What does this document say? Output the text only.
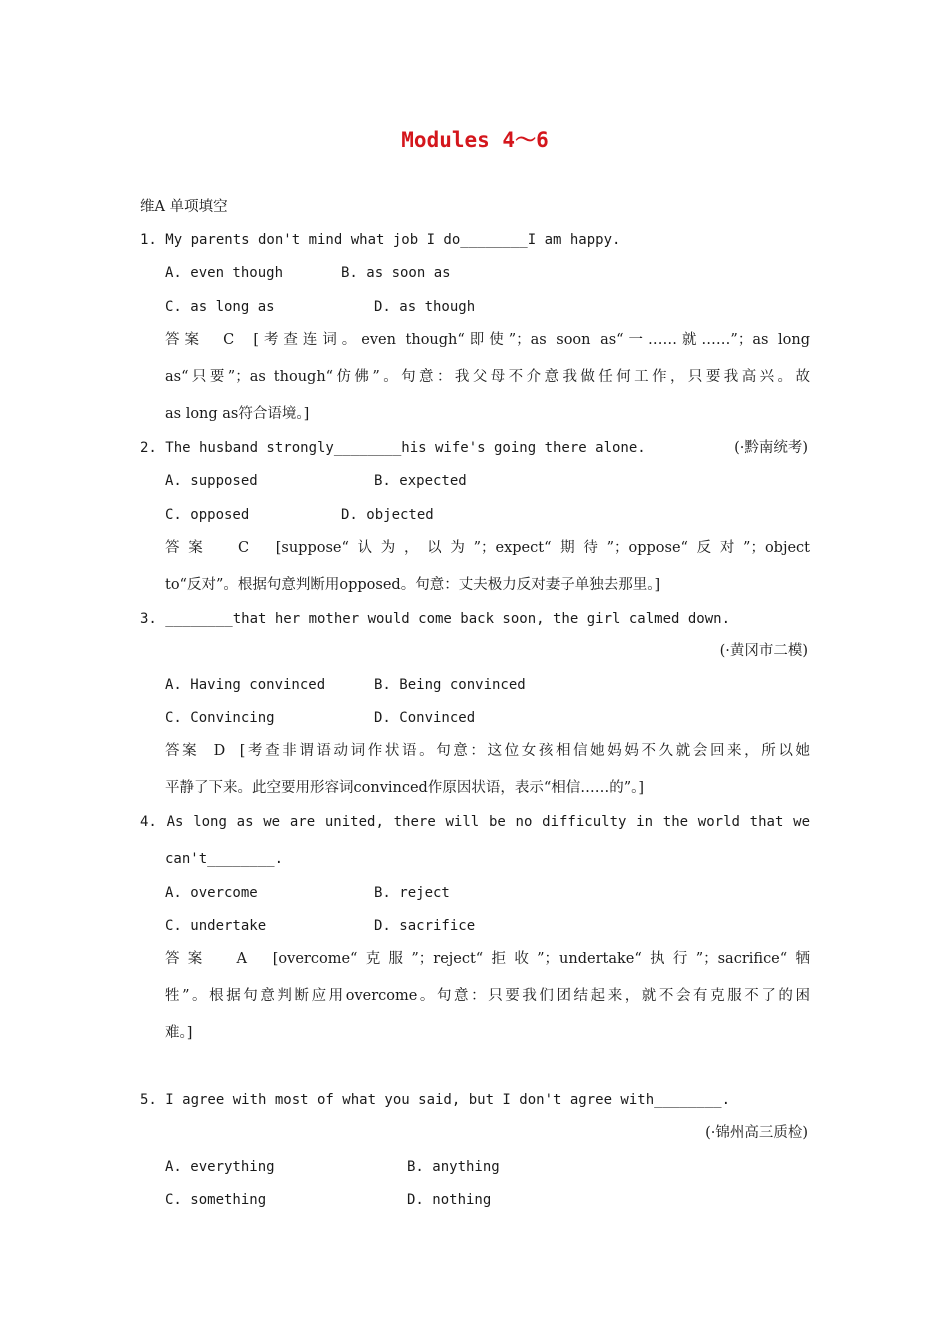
Modules 4～6
维A 单项填空
1. My parents don't mind what job I do________I am happy.
A. even though	B. as soon as
C. as long as	D. as though
答案  C  [考查连词。even though“即使”；as soon as“一……就……”；as long
as“只要”；as though“仿佛”。句意：我父母不介意我做任何工作，只要我高兴。故
as long as符合语境。]
2. The husband strongly________his wife's going there alone.	(·黔南统考)
A. supposed	B. expected
C. opposed	D. objected
答案  C  [suppose“认为，以为”；expect“期待”；oppose“反对”；object
to“反对”。根据句意判断用opposed。句意：丈夫极力反对妻子单独去那里。]
3. ________that her mother would come back soon, the girl calmed down.
(·黄冈市二模)
A. Having convinced	B. Being convinced
C. Convincing	D. Convinced
答案  D  [考查非谓语动词作状语。句意：这位女孩相信她妈妈不久就会回来，所以她
平静了下来。此空要用形容词convinced作原因状语，表示“相信……的”。]
4. As long as we are united, there will be no difficulty in the world that we
can't________.
A. overcome	B. reject
C. undertake	D. sacrifice
答案  A  [overcome“克服”；reject“拒收”；undertake“执行”；sacrifice“牺
牲”。根据句意判断应用overcome。句意：只要我们团结起来，就不会有克服不了的困
难。]
5. I agree with most of what you said, but I don't agree with________.
(·锦州高三质检)
A. everything	B. anything
C. something	D. nothing
